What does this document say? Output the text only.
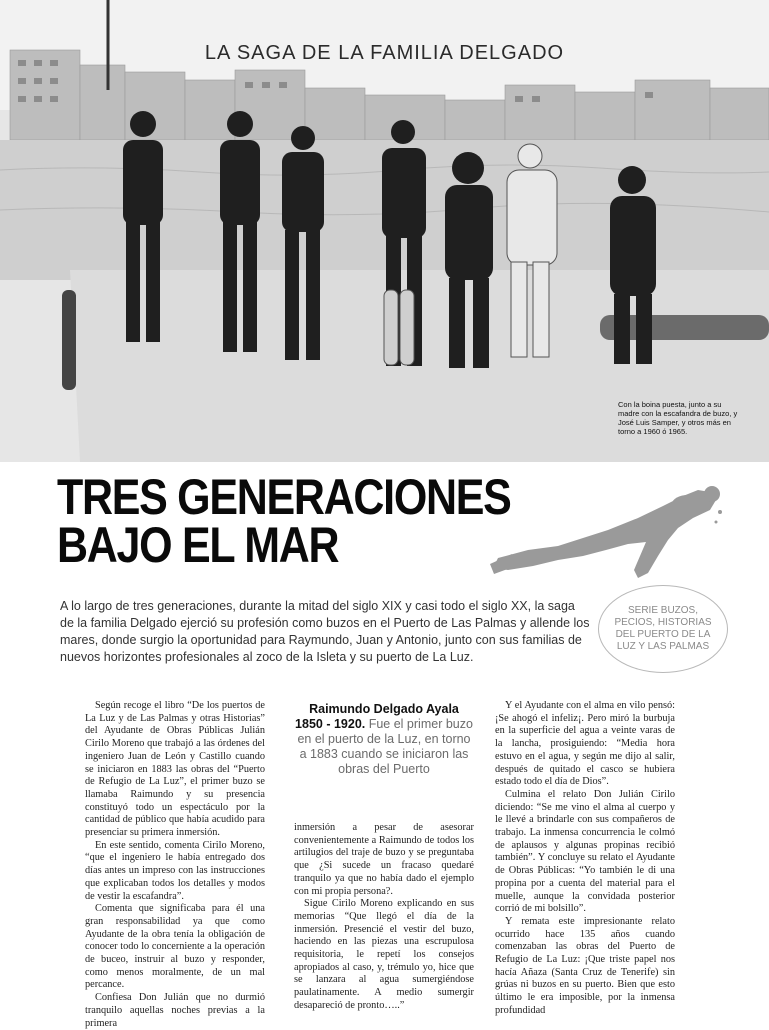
LA SAGA DE LA FAMILIA DELGADO
Con la boina puesta, junto a su madre con la escafandra de buzo, y José Luis Samper, y otros más en torno a 1960 ó 1965.
TRES GENERACIONES
BAJO EL MAR
SERIE BUZOS, PECIOS, HISTORIAS DEL PUERTO DE LA LUZ Y LAS PALMAS
A lo largo de tres generaciones, durante la mitad del siglo XIX y casi todo el siglo XX, la saga de la familia Delgado ejerció su profesión como buzos en el Puerto de Las Palmas y allende los mares, donde surgio la oportunidad para Raymundo, Juan y Antonio, junto con sus familias de nuevos horizontes profesionales al zoco de la Isleta y su puerto de La Luz.
Raimundo Delgado Ayala 1850 - 1920. Fue el primer buzo en el puerto de la Luz, en torno a 1883 cuando se iniciaron las obras del Puerto

Según recoge el libro “De los puertos de La Luz y de Las Palmas y otras Historias” del Ayudante de Obras Públicas Julián Cirilo Moreno que trabajó a las órdenes del ingeniero Juan de León y Castillo cuando se iniciaron en 1883 las obras del “Puerto de Refugio de La Luz”, el primer buzo se llamaba Raimundo y su presencia constituyó todo un espectáculo por la cantidad de público que había acudido para presenciar su primera inmersión.

En este sentido, comenta Cirilo Moreno, “que el ingeniero le había entregado dos días antes un impreso con las instrucciones que explicaban todos los detalles y modos de vestir la escafandra”.

Comenta que significaba para él una gran responsabilidad ya que como Ayudante de la obra tenía la obligación de conocer todo lo concerniente a la operación de buceo, instruir al buzo y responder, como menos moralmente, de un mal percance.

Confiesa Don Julián que no durmió tranquilo aquellas noches previas a la primera

inmersión a pesar de asesorar convenientemente a Raimundo de todos los artilugios del traje de buzo y se preguntaba que ¿Si sucede un fracaso quedaré tranquilo ya que no había dado el ejemplo con mi propia persona?.

Sigue Cirilo Moreno explicando en sus memorias “Que llegó el día de la inmersión. Presencié el vestir del buzo, haciendo en las piezas una escrupulosa requisitoria, le repetí los consejos apropiados al caso, y, trémulo yo, hice que se lanzara al agua sumergiéndose paulatinamente. A medio sumergir desapareció de pronto…..”

Y el Ayudante con el alma en vilo pensó: ¡Se ahogó el infeliz¡. Pero miró la burbuja en la superficie del agua a veinte varas de la lancha, prosiguiendo: “Media hora estuvo en el agua, y según me dijo al salir, después de quitado el casco se hubiera estado todo el día de Dios”.

Culmina el relato Don Julián Cirilo diciendo: “Se me vino el alma al cuerpo y le llevé a brindarle con sus compañeros de trabajo. La inmensa concurrencia le colmó de aplausos y algunas propinas recibió también”. Y concluye su relato el Ayudante de Obras Públicas: “Yo también le di una propina por a cuenta del material para el muelle, aunque la convidada posterior corrió de mi bolsillo”.

Y remata este impresionante relato ocurrido hace 135 años cuando comenzaban las obras del Puerto de Refugio de La Luz: ¡Que triste papel nos hacía Añaza (Santa Cruz de Tenerife) sin grúas ni buzos en su puerto. Bien que esto último le era imposible, por la inmensa profundidad
